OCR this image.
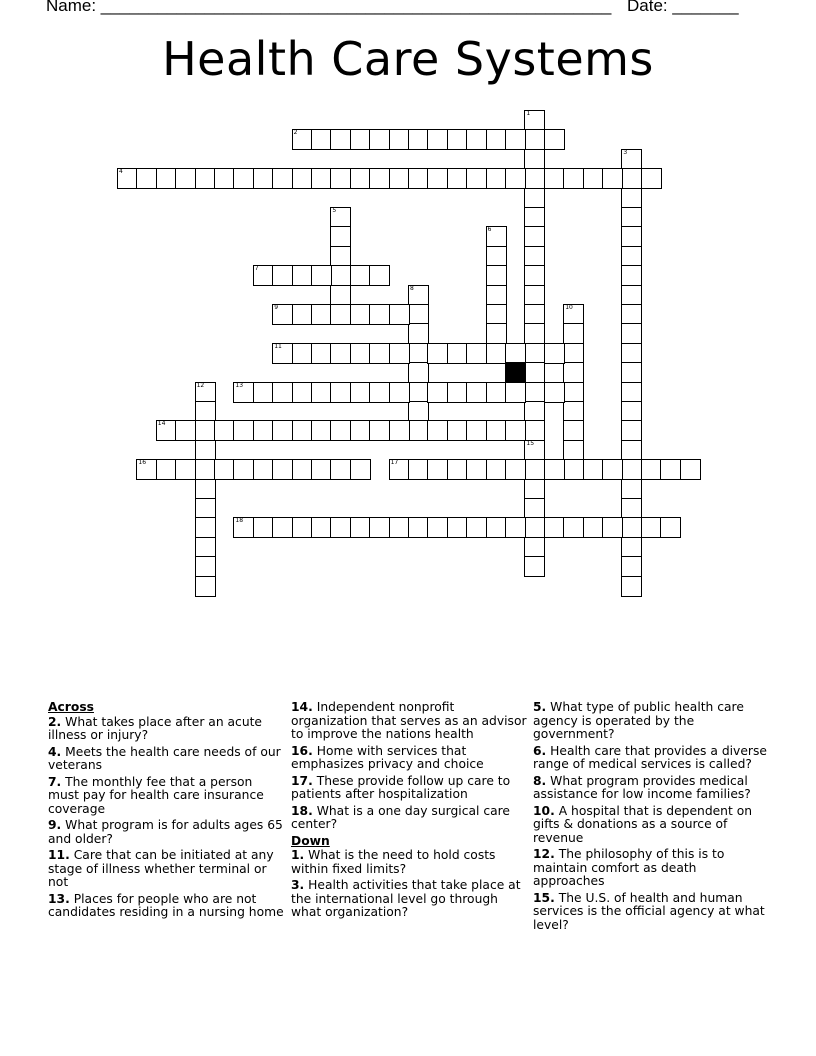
Name: ______________________________________________________ Date: _______
Health Care Systems
1
15
2
3
4
5
6
7
8
9	10
11
12	13
14
16	17
18
Across
2. What takes place after an acute illness or injury?
4. Meets the health care needs of our veterans
7. The monthly fee that a person must pay for health care insurance coverage
9. What program is for adults ages 65 and older?
11. Care that can be initiated at any stage of illness whether terminal or not
13. Places for people who are not candidates residing in a nursing home
14. Independent nonprofit organization that serves as an advisor to improve the nations health
16. Home with services that emphasizes privacy and choice
17. These provide follow up care to patients after hospitalization
18. What is a one day surgical care center?
Down
1. What is the need to hold costs within fixed limits?
3. Health activities that take place at the international level go through what organization?
5. What type of public health care agency is operated by the government?
6. Health care that provides a diverse range of medical services is called?
8. What program provides medical assistance for low income families?
10. A hospital that is dependent on gifts & donations as a source of revenue
12. The philosophy of this is to maintain comfort as death approaches
15. The U.S. of health and human services is the official agency at what level?
